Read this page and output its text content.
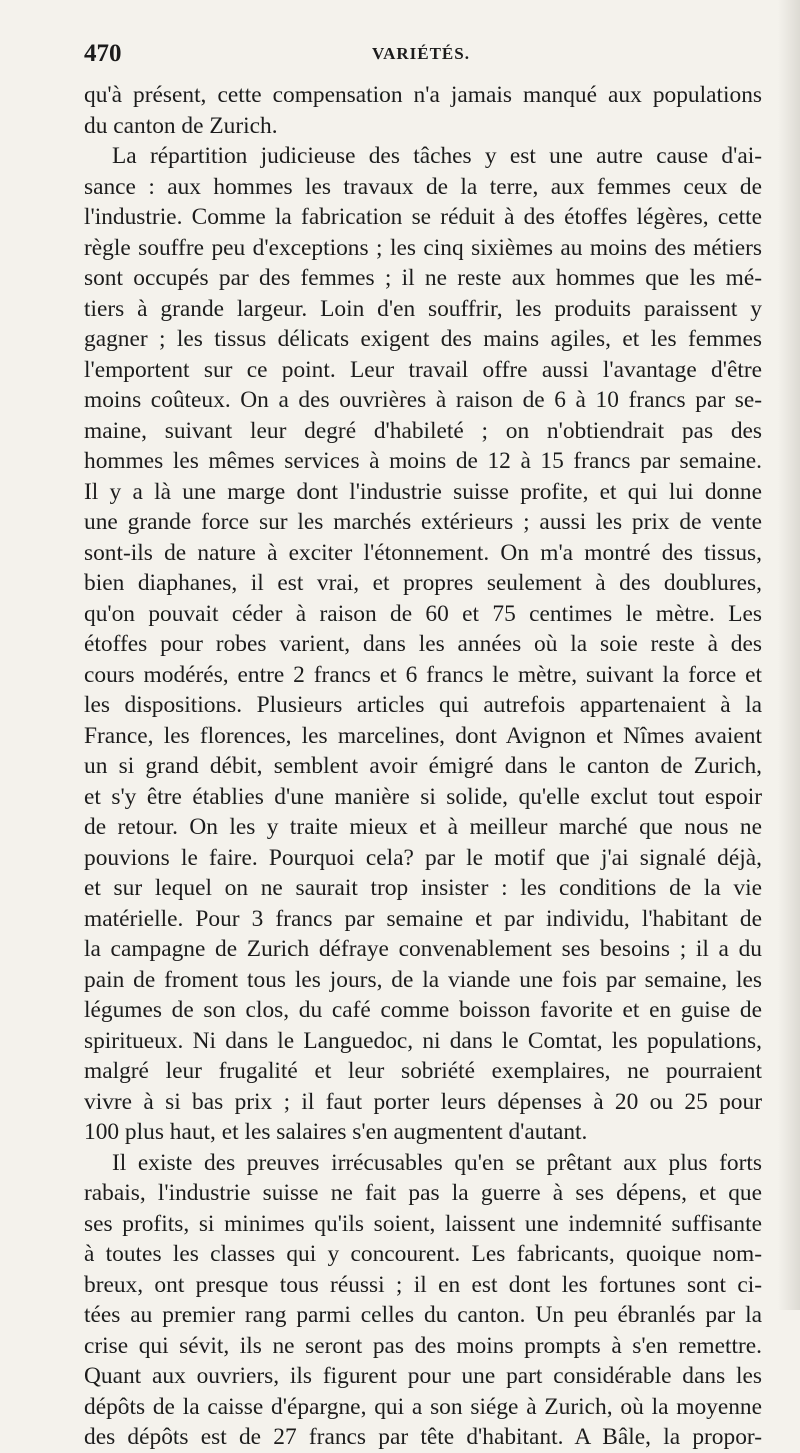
470	VARIÉTÉS.
qu'à présent, cette compensation n'a jamais manqué aux populations
du canton de Zurich.
La répartition judicieuse des tâches y est une autre cause d'ai-
sance : aux hommes les travaux de la terre, aux femmes ceux de
l'industrie. Comme la fabrication se réduit à des étoffes légères, cette
règle souffre peu d'exceptions ; les cinq sixièmes au moins des métiers
sont occupés par des femmes ; il ne reste aux hommes que les mé-
tiers à grande largeur. Loin d'en souffrir, les produits paraissent y
gagner ; les tissus délicats exigent des mains agiles, et les femmes
l'emportent sur ce point. Leur travail offre aussi l'avantage d'être
moins coûteux. On a des ouvrières à raison de 6 à 10 francs par se-
maine, suivant leur degré d'habileté ; on n'obtiendrait pas des
hommes les mêmes services à moins de 12 à 15 francs par semaine.
Il y a là une marge dont l'industrie suisse profite, et qui lui donne
une grande force sur les marchés extérieurs ; aussi les prix de vente
sont-ils de nature à exciter l'étonnement. On m'a montré des tissus,
bien diaphanes, il est vrai, et propres seulement à des doublures,
qu'on pouvait céder à raison de 60 et 75 centimes le mètre. Les
étoffes pour robes varient, dans les années où la soie reste à des
cours modérés, entre 2 francs et 6 francs le mètre, suivant la force et
les dispositions. Plusieurs articles qui autrefois appartenaient à la
France, les florences, les marcelines, dont Avignon et Nîmes avaient
un si grand débit, semblent avoir émigré dans le canton de Zurich,
et s'y être établies d'une manière si solide, qu'elle exclut tout espoir
de retour. On les y traite mieux et à meilleur marché que nous ne
pouvions le faire. Pourquoi cela? par le motif que j'ai signalé déjà,
et sur lequel on ne saurait trop insister : les conditions de la vie
matérielle. Pour 3 francs par semaine et par individu, l'habitant de
la campagne de Zurich défraye convenablement ses besoins ; il a du
pain de froment tous les jours, de la viande une fois par semaine, les
légumes de son clos, du café comme boisson favorite et en guise de
spiritueux. Ni dans le Languedoc, ni dans le Comtat, les populations,
malgré leur frugalité et leur sobriété exemplaires, ne pourraient
vivre à si bas prix ; il faut porter leurs dépenses à 20 ou 25 pour
100 plus haut, et les salaires s'en augmentent d'autant.
Il existe des preuves irrécusables qu'en se prêtant aux plus forts
rabais, l'industrie suisse ne fait pas la guerre à ses dépens, et que
ses profits, si minimes qu'ils soient, laissent une indemnité suffisante
à toutes les classes qui y concourent. Les fabricants, quoique nom-
breux, ont presque tous réussi ; il en est dont les fortunes sont ci-
tées au premier rang parmi celles du canton. Un peu ébranlés par la
crise qui sévit, ils ne seront pas des moins prompts à s'en remettre.
Quant aux ouvriers, ils figurent pour une part considérable dans les
dépôts de la caisse d'épargne, qui a son siége à Zurich, où la moyenne
des dépôts est de 27 francs par tête d'habitant. A Bâle, la propor-
